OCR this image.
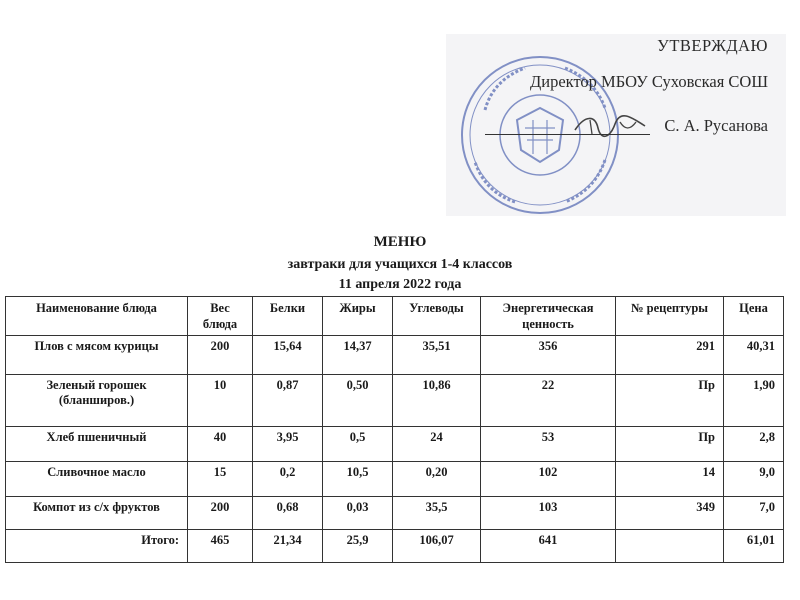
УТВЕРЖДАЮ
Директор МБОУ Суховская СОШ
С. А. Русанова
МЕНЮ
завтраки для учащихся 1-4 классов
11 апреля 2022 года
Наименование блюда	Вес блюда	Белки	Жиры	Углеводы	Энергетическая ценность	№ рецептуры	Цена
Плов с мясом курицы	200	15,64	14,37	35,51	356	291	40,31
Зеленый горошек (бланширов.)	10	0,87	0,50	10,86	22	Пр	1,90
Хлеб пшеничный	40	3,95	0,5	24	53	Пр	2,8
Сливочное масло	15	0,2	10,5	0,20	102	14	9,0
Компот из с/х фруктов	200	0,68	0,03	35,5	103	349	7,0
Итого:	465	21,34	25,9	106,07	641		61,01
